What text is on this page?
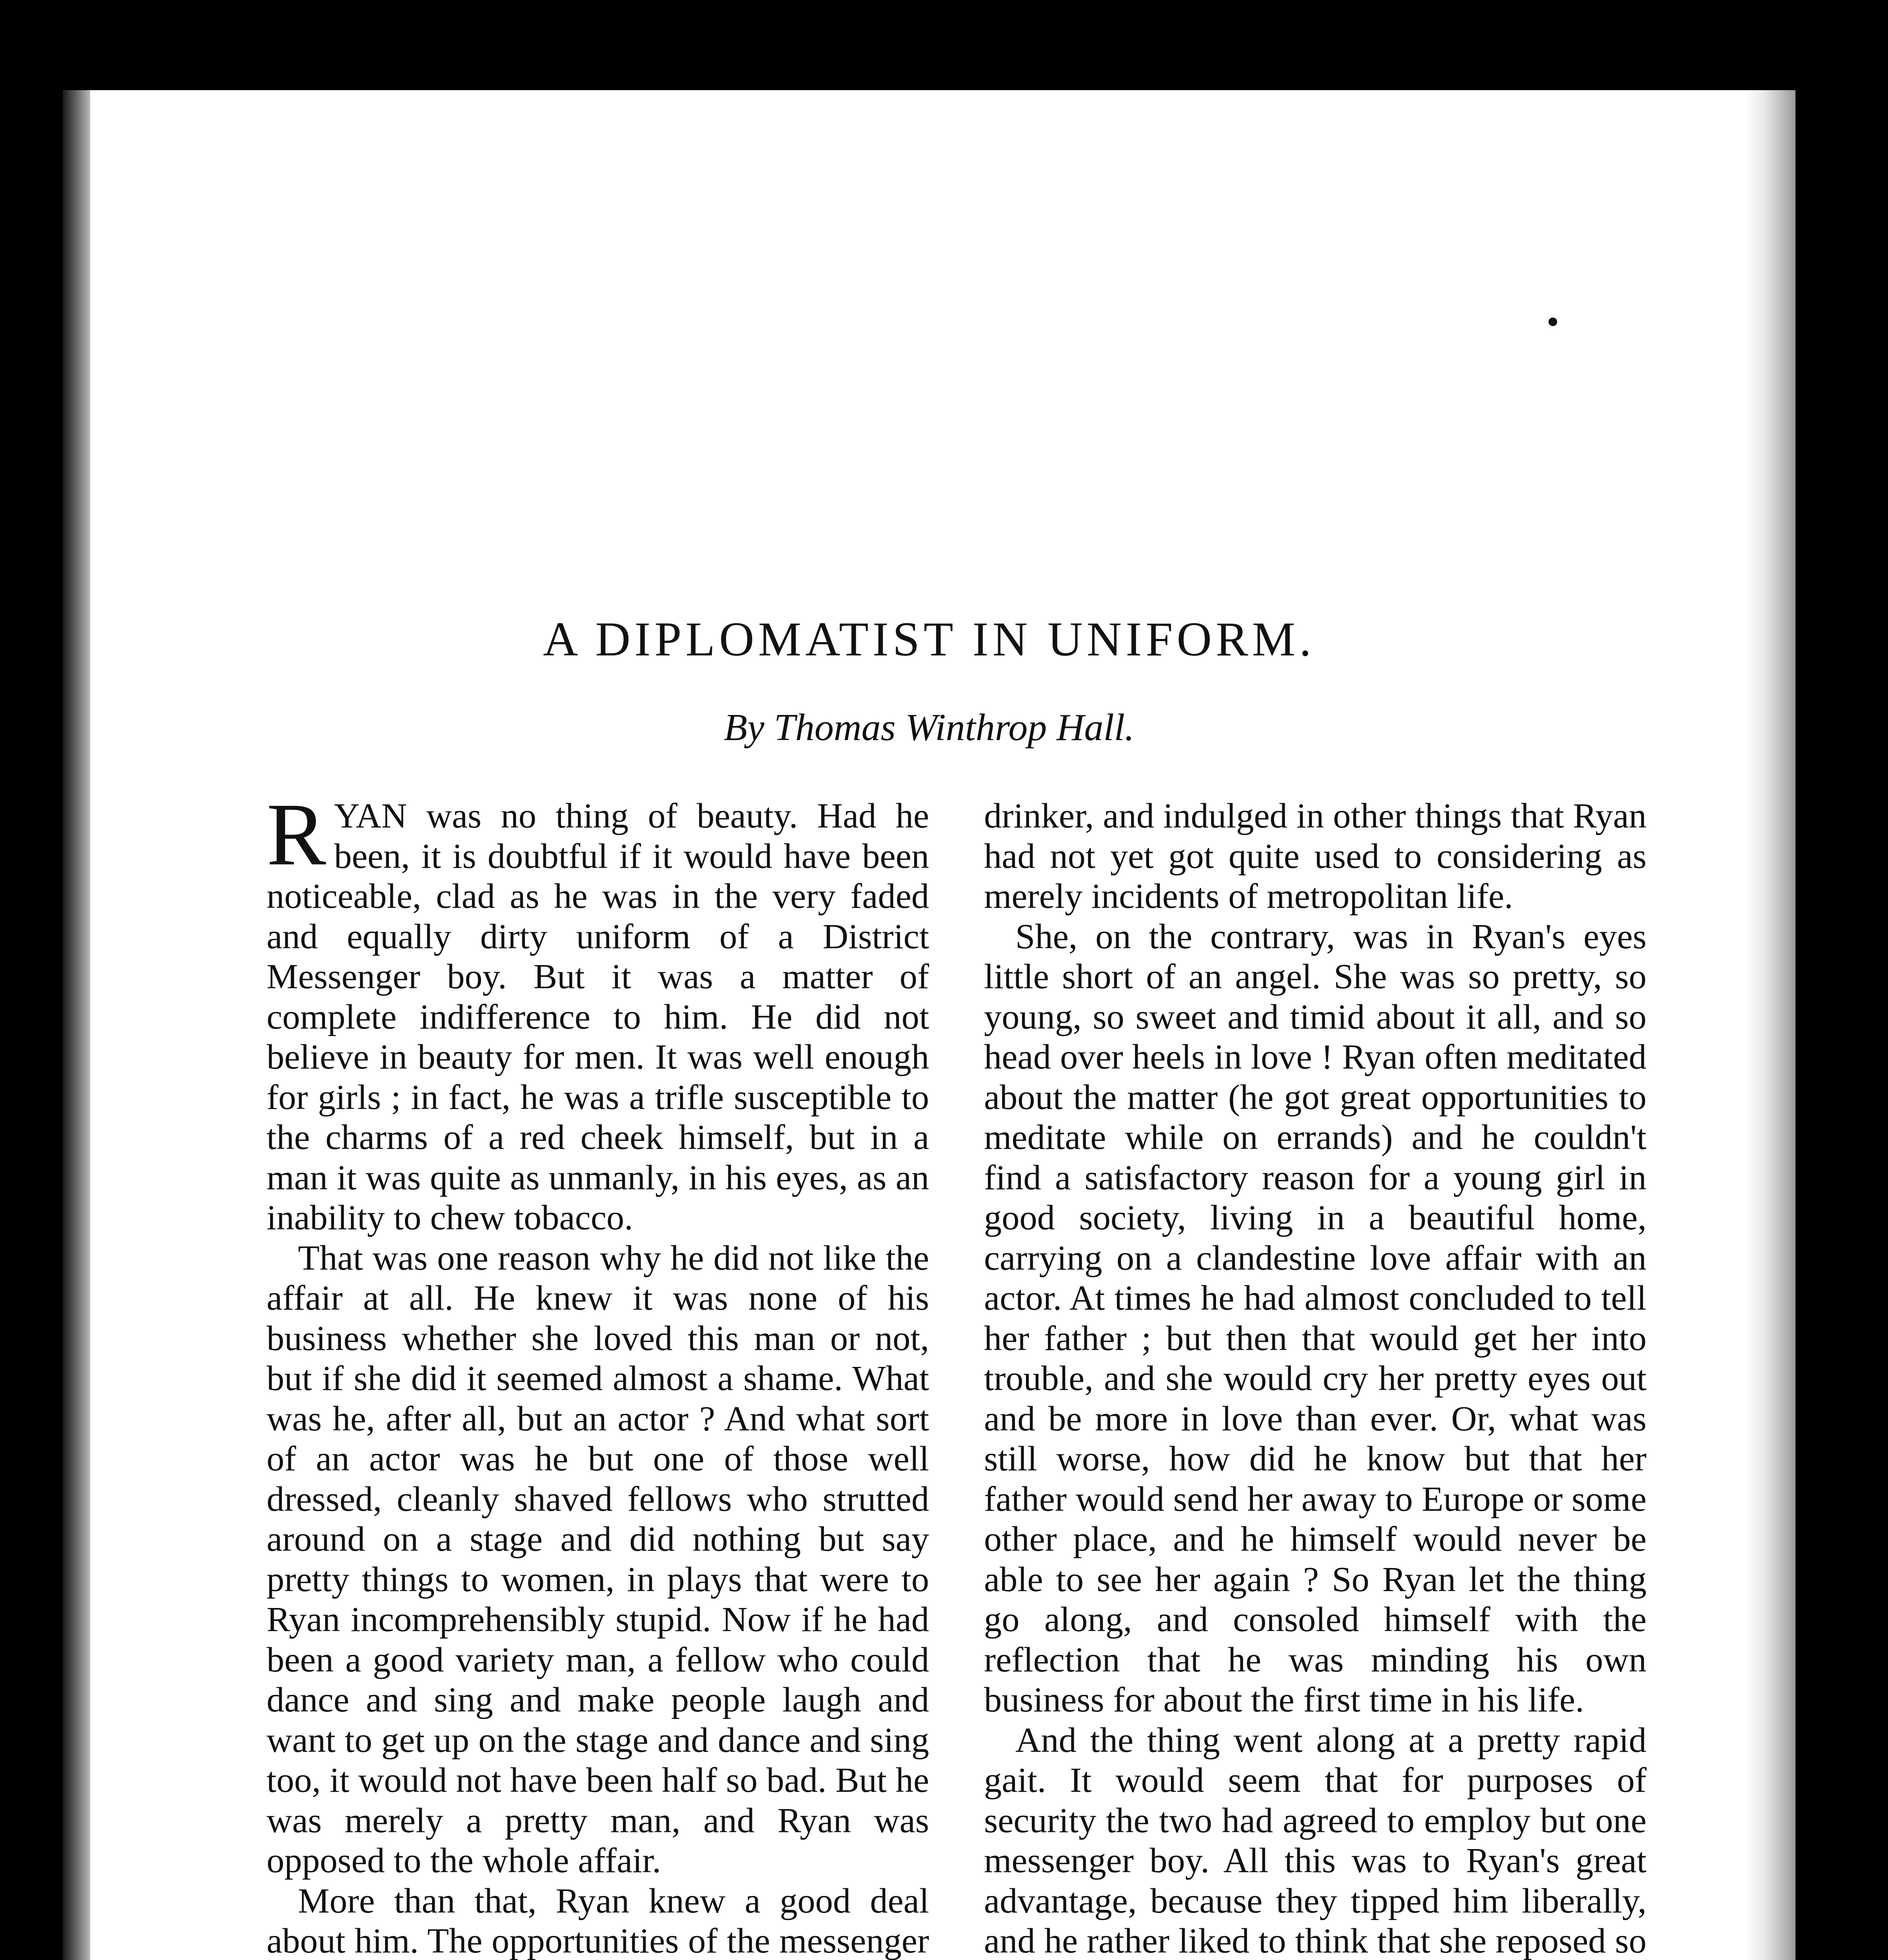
A DIPLOMATIST IN UNIFORM.

By Thomas Winthrop Hall.

RYAN was no thing of beauty. Had he been, it is doubtful if it would have been noticeable, clad as he was in the very faded and equally dirty uniform of a District Messenger boy. But it was a matter of complete indifference to him. He did not believe in beauty for men. It was well enough for girls ; in fact, he was a trifle susceptible to the charms of a red cheek himself, but in a man it was quite as unmanly, in his eyes, as an inability to chew tobacco.

That was one reason why he did not like the affair at all. He knew it was none of his business whether she loved this man or not, but if she did it seemed almost a shame. What was he, after all, but an actor ? And what sort of an actor was he but one of those well dressed, cleanly shaved fellows who strutted around on a stage and did nothing but say pretty things to women, in plays that were to Ryan incomprehensibly stupid. Now if he had been a good variety man, a fellow who could dance and sing and make people laugh and want to get up on the stage and dance and sing too, it would not have been half so bad. But he was merely a pretty man, and Ryan was opposed to the whole affair.

More than that, Ryan knew a good deal about him. The opportunities of the messenger

drinker, and indulged in other things that Ryan had not yet got quite used to considering as merely incidents of metropolitan life.

She, on the contrary, was in Ryan's eyes little short of an angel. She was so pretty, so young, so sweet and timid about it all, and so head over heels in love ! Ryan often meditated about the matter (he got great opportunities to meditate while on errands) and he couldn't find a satisfactory reason for a young girl in good society, living in a beautiful home, carrying on a clandestine love affair with an actor. At times he had almost concluded to tell her father ; but then that would get her into trouble, and she would cry her pretty eyes out and be more in love than ever. Or, what was still worse, how did he know but that her father would send her away to Europe or some other place, and he himself would never be able to see her again ? So Ryan let the thing go along, and consoled himself with the reflection that he was minding his own business for about the first time in his life.

And the thing went along at a pretty rapid gait. It would seem that for purposes of security the two had agreed to employ but one messenger boy. All this was to Ryan's great advantage, because they tipped him liberally, and he rather liked to think that she reposed so
